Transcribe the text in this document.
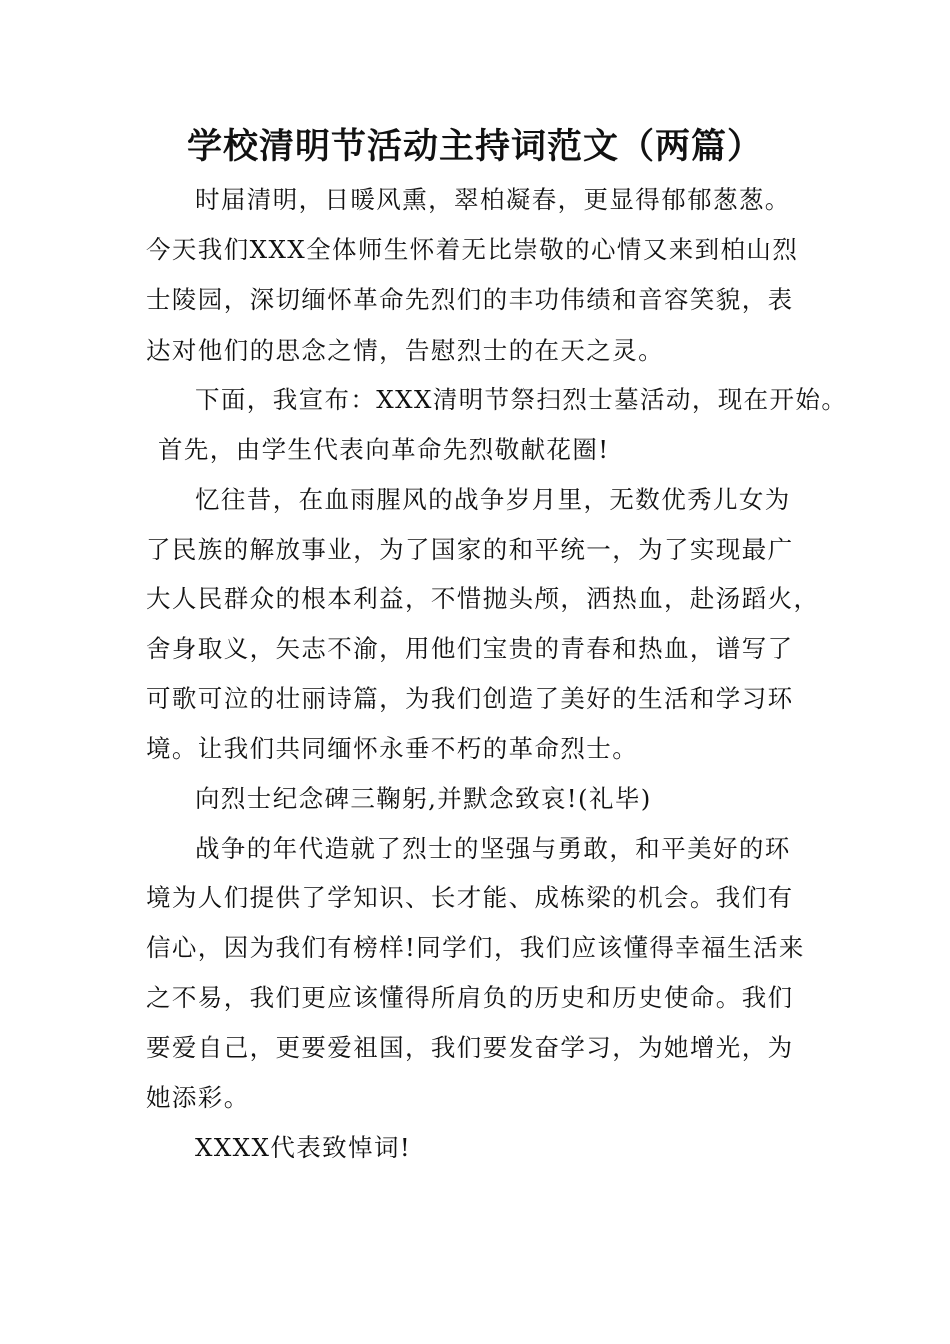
学校清明节活动主持词范文（两篇）
时届清明，日暖风熏，翠柏凝春，更显得郁郁葱葱。
今天我们XXX全体师生怀着无比崇敬的心情又来到柏山烈
士陵园，深切缅怀革命先烈们的丰功伟绩和音容笑貌，表
达对他们的思念之情，告慰烈士的在天之灵。
下面，我宣布：XXX清明节祭扫烈士墓活动，现在开始。
首先，由学生代表向革命先烈敬献花圈!
忆往昔，在血雨腥风的战争岁月里，无数优秀儿女为
了民族的解放事业，为了国家的和平统一，为了实现最广
大人民群众的根本利益，不惜抛头颅，洒热血，赴汤蹈火，
舍身取义，矢志不渝，用他们宝贵的青春和热血，谱写了
可歌可泣的壮丽诗篇，为我们创造了美好的生活和学习环
境。让我们共同缅怀永垂不朽的革命烈士。
向烈士纪念碑三鞠躬,并默念致哀!(礼毕)
战争的年代造就了烈士的坚强与勇敢，和平美好的环
境为人们提供了学知识、长才能、成栋梁的机会。我们有
信心，因为我们有榜样!同学们，我们应该懂得幸福生活来
之不易，我们更应该懂得所肩负的历史和历史使命。我们
要爱自己，更要爱祖国，我们要发奋学习，为她增光，为
她添彩。
XXXX代表致悼词!
